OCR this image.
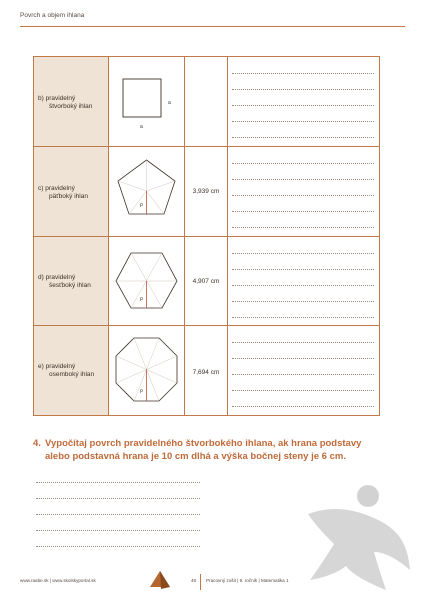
Povrch a objem ihlana
b) pravidelný
štvorboký ihlan	a
a
c) pravidelný
päťboký ihlan
ρ
3,939 cm
d) pravidelný
šesťboký ihlan
ρ
4,907 cm
e) pravidelný
osemboký ihlan
ρ
7,694 cm
4. Vypočítaj povrch pravidelného štvorbokého ihlana, ak hrana podstavy alebo podstavná hrana je 10 cm dlhá a výška bočnej steny je 6 cm.
www.raabe.sk | www.skolskyportal.sk	48 Pracovný zošit | 9. ročník | Matematika 1
